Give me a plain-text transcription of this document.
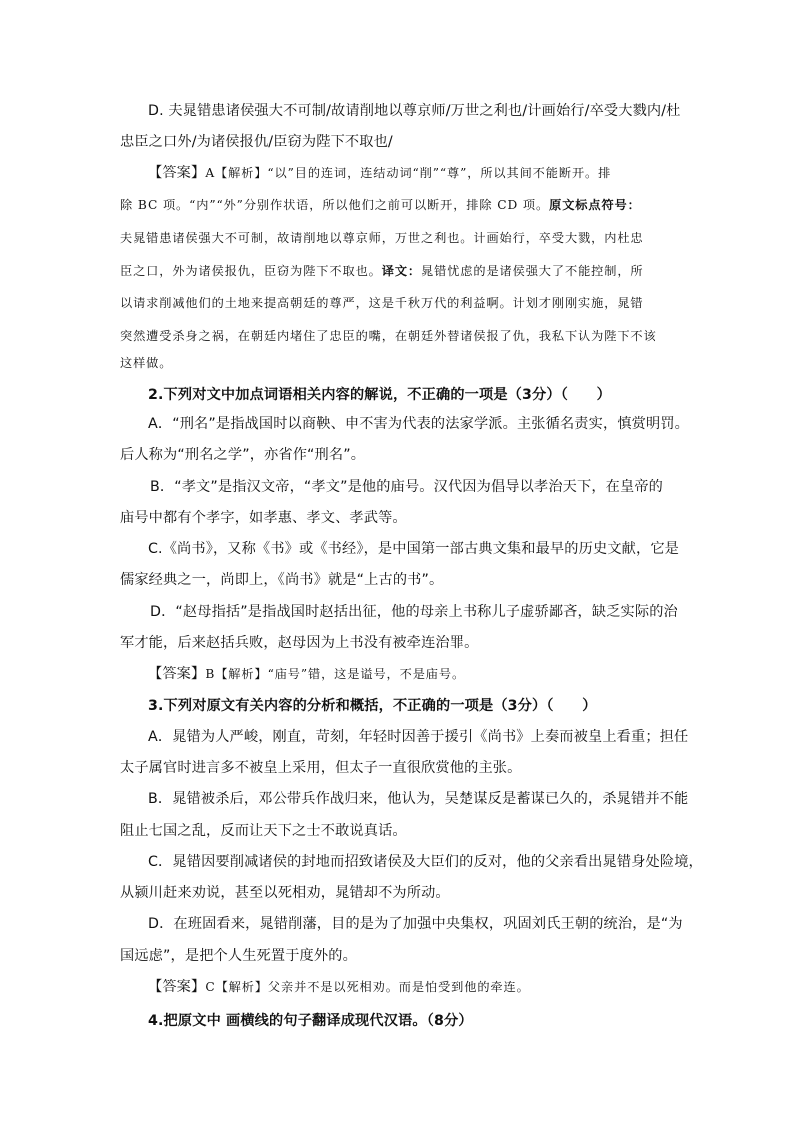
D. 夫晁错患诸侯强大不可制/故请削地以尊京师/万世之利也/计画始行/卒受大戮内/杜
忠臣之口外/为诸侯报仇/臣窃为陛下不取也/
【答案】A【解析】“以”目的连词，连结动词“削”“尊”，所以其间不能断开。排
除 BC 项。“内”“外”分别作状语，所以他们之前可以断开，排除 CD 项。原文标点符号：
夫晁错患诸侯强大不可制，故请削地以尊京师，万世之利也。计画始行，卒受大戮，内杜忠
臣之口，外为诸侯报仇，臣窃为陛下不取也。译文：晁错忧虑的是诸侯强大了不能控制，所
以请求削减他们的土地来提高朝廷的尊严，这是千秋万代的利益啊。计划才刚刚实施，晁错
突然遭受杀身之祸，在朝廷内堵住了忠臣的嘴，在朝廷外替诸侯报了仇，我私下认为陛下不该
这样做。
2.下列对文中加点词语相关内容的解说，不正确的一项是（3分）（　　）
A．“刑名”是指战国时以商鞅、申不害为代表的法家学派。主张循名责实，慎赏明罚。
后人称为“刑名之学”，亦省作“刑名”。
B．“孝文”是指汉文帝，“孝文”是他的庙号。汉代因为倡导以孝治天下，在皇帝的
庙号中都有个孝字，如孝惠、孝文、孝武等。
C.《尚书》，又称《书》或《书经》，是中国第一部古典文集和最早的历史文献，它是
儒家经典之一，尚即上，《尚书》就是“上古的书”。
D．“赵母指括”是指战国时赵括出征，他的母亲上书称儿子虚骄鄙吝，缺乏实际的治
军才能，后来赵括兵败，赵母因为上书没有被牵连治罪。
【答案】B【解析】“庙号”错，这是谥号，不是庙号。
3.下列对原文有关内容的分析和概括，不正确的一项是（3分）（　　）
A．晁错为人严峻，刚直，苛刻，年轻时因善于援引《尚书》上奏而被皇上看重；担任
太子属官时进言多不被皇上采用，但太子一直很欣赏他的主张。
B．晁错被杀后，邓公带兵作战归来，他认为，吴楚谋反是蓄谋已久的，杀晁错并不能
阻止七国之乱，反而让天下之士不敢说真话。
C．晁错因要削减诸侯的封地而招致诸侯及大臣们的反对，他的父亲看出晁错身处险境，
从颍川赶来劝说，甚至以死相劝，晁错却不为所动。
D．在班固看来，晁错削藩，目的是为了加强中央集权，巩固刘氏王朝的统治，是“为
国远虑”，是把个人生死置于度外的。
【答案】C【解析】父亲并不是以死相劝。而是怕受到他的牵连。
4.把原文中 画横线的句子翻译成现代汉语。（8分）
